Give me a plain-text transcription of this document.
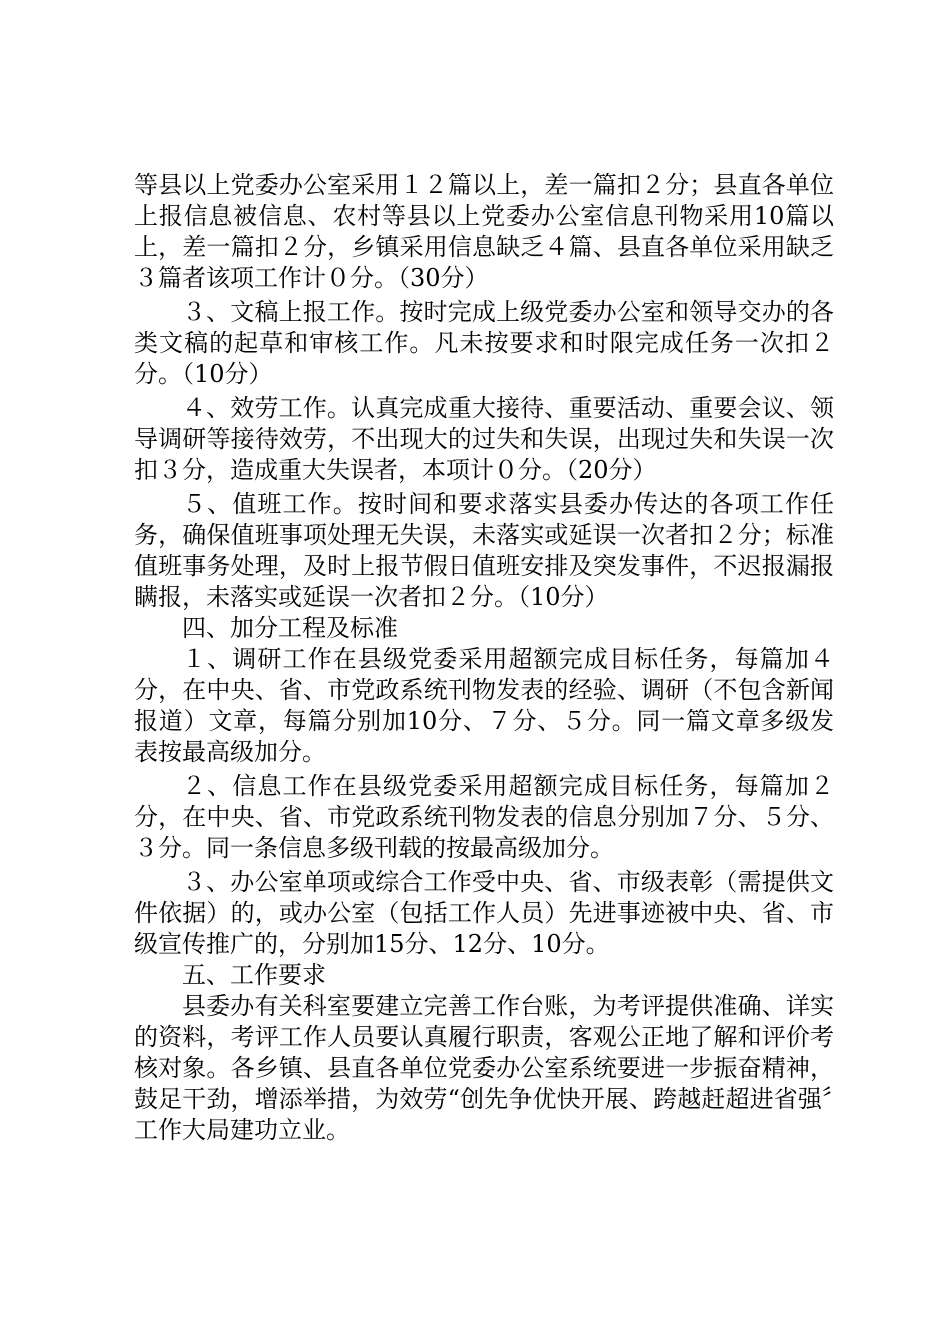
等县以上党委办公室采用１２篇以上，差一篇扣２分；县直各单位上报信息被信息、农村等县以上党委办公室信息刊物采用10篇以上，差一篇扣２分，乡镇采用信息缺乏４篇、县直各单位采用缺乏３篇者该项工作计０分。（30分）

３、文稿上报工作。按时完成上级党委办公室和领导交办的各类文稿的起草和审核工作。凡未按要求和时限完成任务一次扣２分。（10分）

４、效劳工作。认真完成重大接待、重要活动、重要会议、领导调研等接待效劳，不出现大的过失和失误，出现过失和失误一次扣３分，造成重大失误者，本项计０分。（20分）

５、值班工作。按时间和要求落实县委办传达的各项工作任务，确保值班事项处理无失误，未落实或延误一次者扣２分；标准值班事务处理，及时上报节假日值班安排及突发事件，不迟报漏报瞒报，未落实或延误一次者扣２分。（10分）

四、加分工程及标准

１、调研工作在县级党委采用超额完成目标任务，每篇加４分，在中央、省、市党政系统刊物发表的经验、调研（不包含新闻报道）文章，每篇分别加10分、７分、５分。同一篇文章多级发表按最高级加分。

２、信息工作在县级党委采用超额完成目标任务，每篇加２分，在中央、省、市党政系统刊物发表的信息分别加７分、５分、３分。同一条信息多级刊载的按最高级加分。

３、办公室单项或综合工作受中央、省、市级表彰（需提供文件依据）的，或办公室（包括工作人员）先进事迹被中央、省、市级宣传推广的，分别加15分、12分、10分。

五、工作要求

县委办有关科室要建立完善工作台账，为考评提供准确、详实的资料，考评工作人员要认真履行职责，客观公正地了解和评价考核对象。各乡镇、县直各单位党委办公室系统要进一步振奋精神，鼓足干劲，增添举措，为效劳“创先争优快开展、跨越赶超进省强〞工作大局建功立业。
